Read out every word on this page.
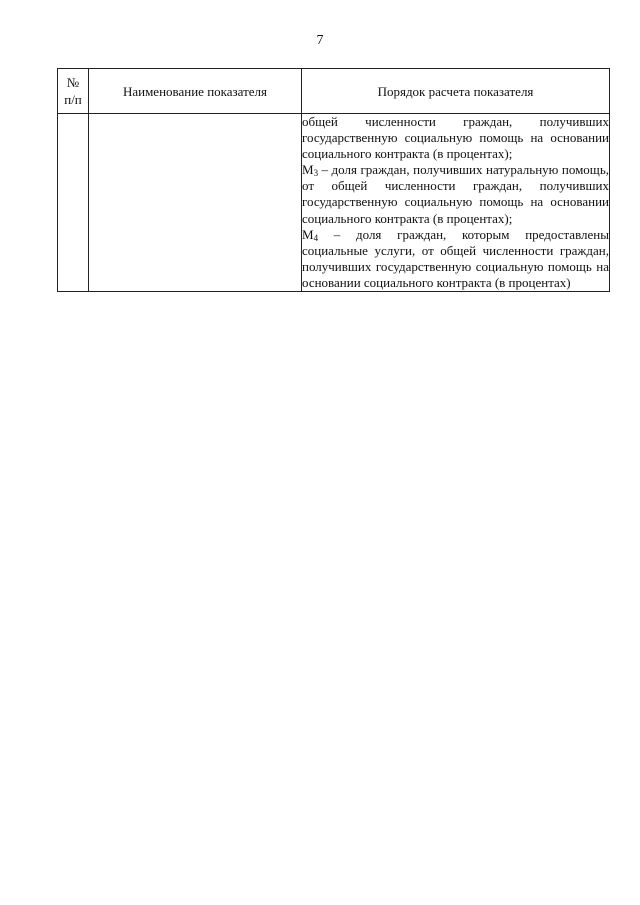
7
№
п/п	Наименование показателя	Порядок расчета показателя

		общей численности граждан, получивших государственную социальную помощь на основании социального контракта (в процентах);

$М_3$ – доля граждан, получивших натуральную помощь, от общей численности граждан, получивших государственную социальную помощь на основании социального контракта (в процентах);

$М_4$ – доля граждан, которым предоставлены социальные услуги, от общей численности граждан, получивших государственную социальную помощь на основании социального контракта (в процентах)
